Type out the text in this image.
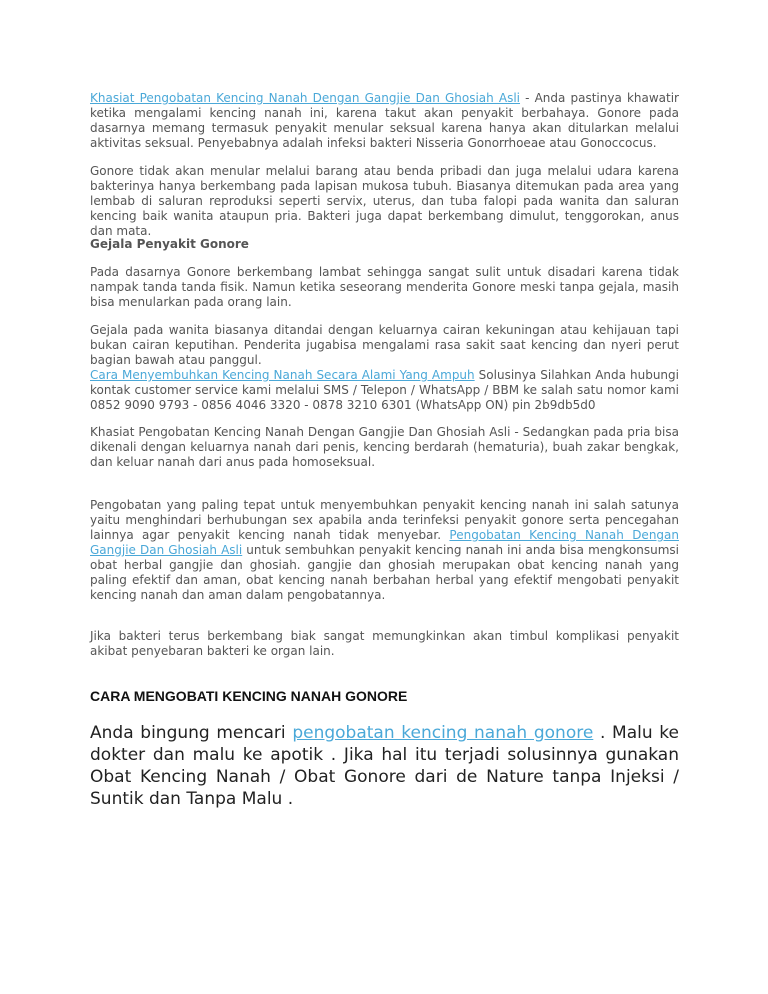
Khasiat Pengobatan Kencing Nanah Dengan Gangjie Dan Ghosiah Asli - Anda pastinya khawatir ketika mengalami kencing nanah ini, karena takut akan penyakit berbahaya. Gonore pada dasarnya memang termasuk penyakit menular seksual karena hanya akan ditularkan melalui aktivitas seksual. Penyebabnya adalah infeksi bakteri Nisseria Gonorrhoeae atau Gonoccocus.

Gonore tidak akan menular melalui barang atau benda pribadi dan juga melalui udara karena bakterinya hanya berkembang pada lapisan mukosa tubuh. Biasanya ditemukan pada area yang lembab di saluran reproduksi seperti servix, uterus, dan tuba falopi pada wanita dan saluran kencing baik wanita ataupun pria. Bakteri juga dapat berkembang dimulut, tenggorokan, anus dan mata.

Gejala Penyakit Gonore

Pada dasarnya Gonore berkembang lambat sehingga sangat sulit untuk disadari karena tidak nampak tanda tanda fisik. Namun ketika seseorang menderita Gonore meski tanpa gejala, masih bisa menularkan pada orang lain.

Gejala pada wanita biasanya ditandai dengan keluarnya cairan kekuningan atau kehijauan tapi bukan cairan keputihan. Penderita jugabisa mengalami rasa sakit saat kencing dan nyeri perut bagian bawah atau panggul.

Cara Menyembuhkan Kencing Nanah Secara Alami Yang Ampuh Solusinya Silahkan Anda hubungi kontak customer service kami melalui SMS / Telepon / WhatsApp / BBM ke salah satu nomor kami 0852 9090 9793 - 0856 4046 3320 - 0878 3210 6301 (WhatsApp ON) pin 2b9db5d0

Khasiat Pengobatan Kencing Nanah Dengan Gangjie Dan Ghosiah Asli - Sedangkan pada pria bisa dikenali dengan keluarnya nanah dari penis, kencing berdarah (hematuria), buah zakar bengkak, dan keluar nanah dari anus pada homoseksual.

Pengobatan yang paling tepat untuk menyembuhkan penyakit kencing nanah ini salah satunya yaitu menghindari berhubungan sex apabila anda terinfeksi penyakit gonore serta pencegahan lainnya agar penyakit kencing nanah tidak menyebar. Pengobatan Kencing Nanah Dengan Gangjie Dan Ghosiah Asli untuk sembuhkan penyakit kencing nanah ini anda bisa mengkonsumsi obat herbal gangjie dan ghosiah. gangjie dan ghosiah merupakan obat kencing nanah yang paling efektif dan aman, obat kencing nanah berbahan herbal yang efektif mengobati penyakit kencing nanah dan aman dalam pengobatannya.

Jika bakteri terus berkembang biak sangat memungkinkan akan timbul komplikasi penyakit akibat penyebaran bakteri ke organ lain.

CARA MENGOBATI KENCING NANAH GONORE

Anda bingung mencari pengobatan kencing nanah gonore . Malu ke dokter dan malu ke apotik . Jika hal itu terjadi solusinnya gunakan Obat Kencing Nanah / Obat Gonore dari de Nature tanpa Injeksi / Suntik dan Tanpa Malu .
